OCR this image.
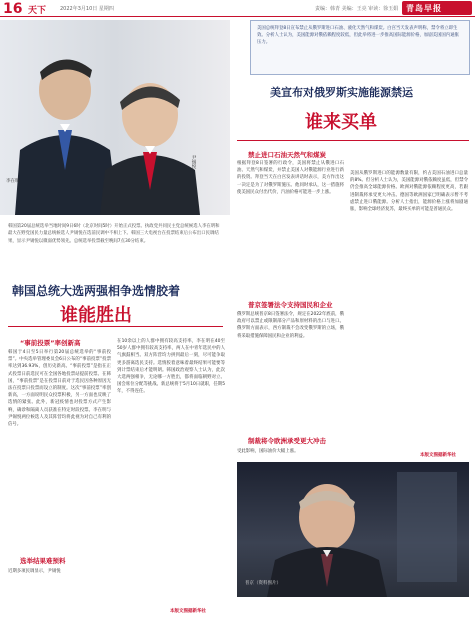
16 天下	2022年3月10日 星期四	责编：韩青 美编：王亮 审读：徐玉娟 青岛早报
李在明
尹锡悦
韩国第20届总统选举当地时间9日6时（北京时间5时）开始正式投票。执政党共同民主党总统候选人李在明和最大在野党国民力量总统候选人尹锡悦在选前民调中不相上下。韩国三大电视台在投票结束后公布出口民调结果，显示尹锡悦以微弱优势领先。总统选举投票截至晚间7点30分结束。
韩国总统大选两强相争选情胶着
谁能胜出
“事前投票”率创新高
韩国于4日至5日举行第20届总统选举的“事前投票”。中央选举管理委员会6日公布的“事前投票”投票率达到36.93%，创历史新高。“事前投票”是指在正式投票日前选民可在全国各地投票站提前投票。在韩国，“事前投票”是在投票日前对于选民因各种原因无法在投票日投票而设立的制度。这次“事前投票”率创新高，一方面说明民众投票积极，另一方面也反映了选情的紧张。此外，新冠疫情也对投票方式产生影响，确诊和隔离人员获准在特定时段投票。李在明与尹锡悦两位候选人及其阵营均将此视为对自己有利的信号。
选举结果难预料
近期多项民调显示，尹锡悦
在10余以上的人群中拥有较高支持率，李在明在40至50岁人群中拥有较高支持率，两人在中青年选民中的人气旗鼓相当。双方阵营均力拼到最后一刻，尽可能争取更多游离选民支持。选情胶着意味着最终结果可能要等到计票结束后才能明朗。韩国政治观察人士认为，此次大选两强相争，无论哪一方胜出，都将面临朝野对立、国会席位分配等挑战。新总统将于5月10日就职，任期5年，不得连任。
本版文图据新华社
美国总统拜登8日宣布禁止从俄罗斯进口石油、液化天然气和煤炭。白宫当天发表声明称，禁令将立即生效。分析人士认为，美国能源对俄依赖程度较低，但此举将进一步推高国际能源价格，加剧美国国内通胀压力。
美宣布对俄罗斯实施能源禁运
谁来买单
禁止进口石油天然气和煤炭
根据拜登8日签署的行政令，美国将禁止从俄进口石油、天然气和煤炭，并禁止美国人对俄能源行业进行新的投资。拜登当天在白宫发表讲话时表示，美方作出这一决定是为了对俄罗斯施压。他同时承认，这一措施将使美国民众付出代价，汽油价格可能进一步上涨。
普京签署法令支持国民和企业
俄罗斯总统普京8日签署法令，规定在2022年底前，俄政府可以禁止或限制部分产品和原材料的出口与进口。俄罗斯方面表示，西方制裁不会改变俄罗斯的立场，俄将采取措施保障国民和企业的利益。
制裁将令欧洲承受更大冲击
受此影响，国际油价大幅上涨。
美国从俄罗斯进口的能源数量有限，约占美国石油进口总量的8%。但分析人士认为，美国能源对俄依赖度虽低，但禁令仍会推高全球能源价格。欧洲对俄能源依赖程度更高，若跟进制裁将承受更大冲击。德国等欧洲国家已明确表示暂不考虑禁止进口俄能源。分析人士指出，能源价格上涨将加剧通胀，影响全球经济复苏，最终买单的可能是普通民众。
本版文图据新华社
普京（资料图片）
